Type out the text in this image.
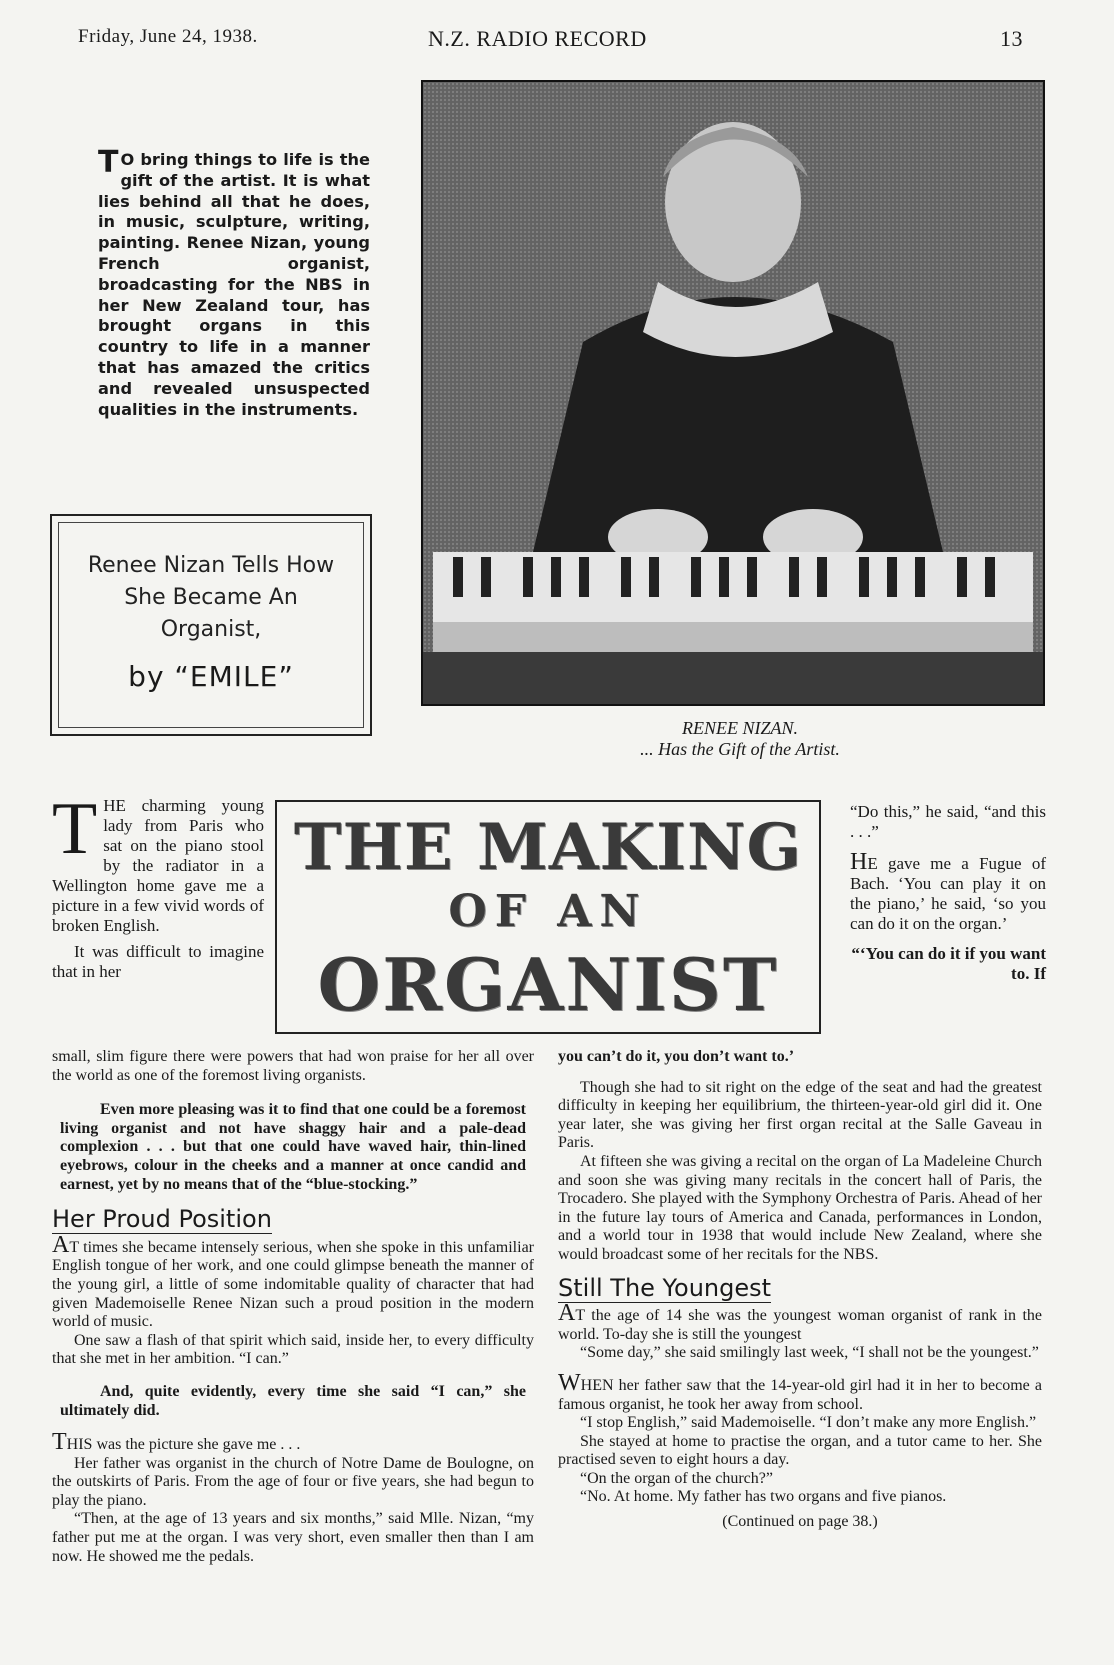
Friday, June 24, 1938.	N.Z. RADIO RECORD	13
T O bring things to life is the gift of the artist. It is what lies behind all that he does, in music, sculpture, writing, painting. Renee Nizan, young French organist, broadcasting for the NBS in her New Zealand tour, has brought organs in this country to life in a manner that has amazed the critics and revealed unsuspected qualities in the instruments.
Renee Nizan Tells How
She Became An
Organist,
by “EMILE”
RENEE NIZAN.
... Has the Gift of the Artist.
THE MAKING
OF AN
ORGANIST

THE charming young lady from Paris who sat on the piano stool by the radiator in a Wellington home gave me a picture in a few vivid words of broken English.

It was difficult to imagine that in her

“Do this,” he said, “and this . . .”

HE gave me a Fugue of Bach. ‘You can play it on the piano,’ he said, ‘so you can do it on the organ.’

“‘You can do it if you want to. If

small, slim figure there were powers that had won praise for her all over the world as one of the foremost living organists.

Even more pleasing was it to find that one could be a foremost living organist and not have shaggy hair and a pale-dead complexion . . . but that one could have waved hair, thin-lined eyebrows, colour in the cheeks and a manner at once candid and earnest, yet by no means that of the “blue-stocking.”

Her Proud Position

AT times she became intensely serious, when she spoke in this unfamiliar English tongue of her work, and one could glimpse beneath the manner of the young girl, a little of some indomitable quality of character that had given Mademoiselle Renee Nizan such a proud position in the modern world of music.

One saw a flash of that spirit which said, inside her, to every difficulty that she met in her ambition. “I can.”

And, quite evidently, every time she said “I can,” she ultimately did.

THIS was the picture she gave me . . .

Her father was organist in the church of Notre Dame de Boulogne, on the outskirts of Paris. From the age of four or five years, she had begun to play the piano.

“Then, at the age of 13 years and six months,” said Mlle. Nizan, “my father put me at the organ. I was very short, even smaller then than I am now. He showed me the pedals.

you can’t do it, you don’t want to.’

Though she had to sit right on the edge of the seat and had the greatest difficulty in keeping her equilibrium, the thirteen-year-old girl did it. One year later, she was giving her first organ recital at the Salle Gaveau in Paris.

At fifteen she was giving a recital on the organ of La Madeleine Church and soon she was giving many recitals in the concert hall of Paris, the Trocadero. She played with the Symphony Orchestra of Paris. Ahead of her in the future lay tours of America and Canada, performances in London, and a world tour in 1938 that would include New Zealand, where she would broadcast some of her recitals for the NBS.

Still The Youngest

AT the age of 14 she was the youngest woman organist of rank in the world. To-day she is still the youngest

“Some day,” she said smilingly last week, “I shall not be the youngest.”

WHEN her father saw that the 14-year-old girl had it in her to become a famous organist, he took her away from school.

“I stop English,” said Mademoiselle. “I don’t make any more English.”

She stayed at home to practise the organ, and a tutor came to her. She practised seven to eight hours a day.

“On the organ of the church?”

“No. At home. My father has two organs and five pianos.

(Continued on page 38.)
